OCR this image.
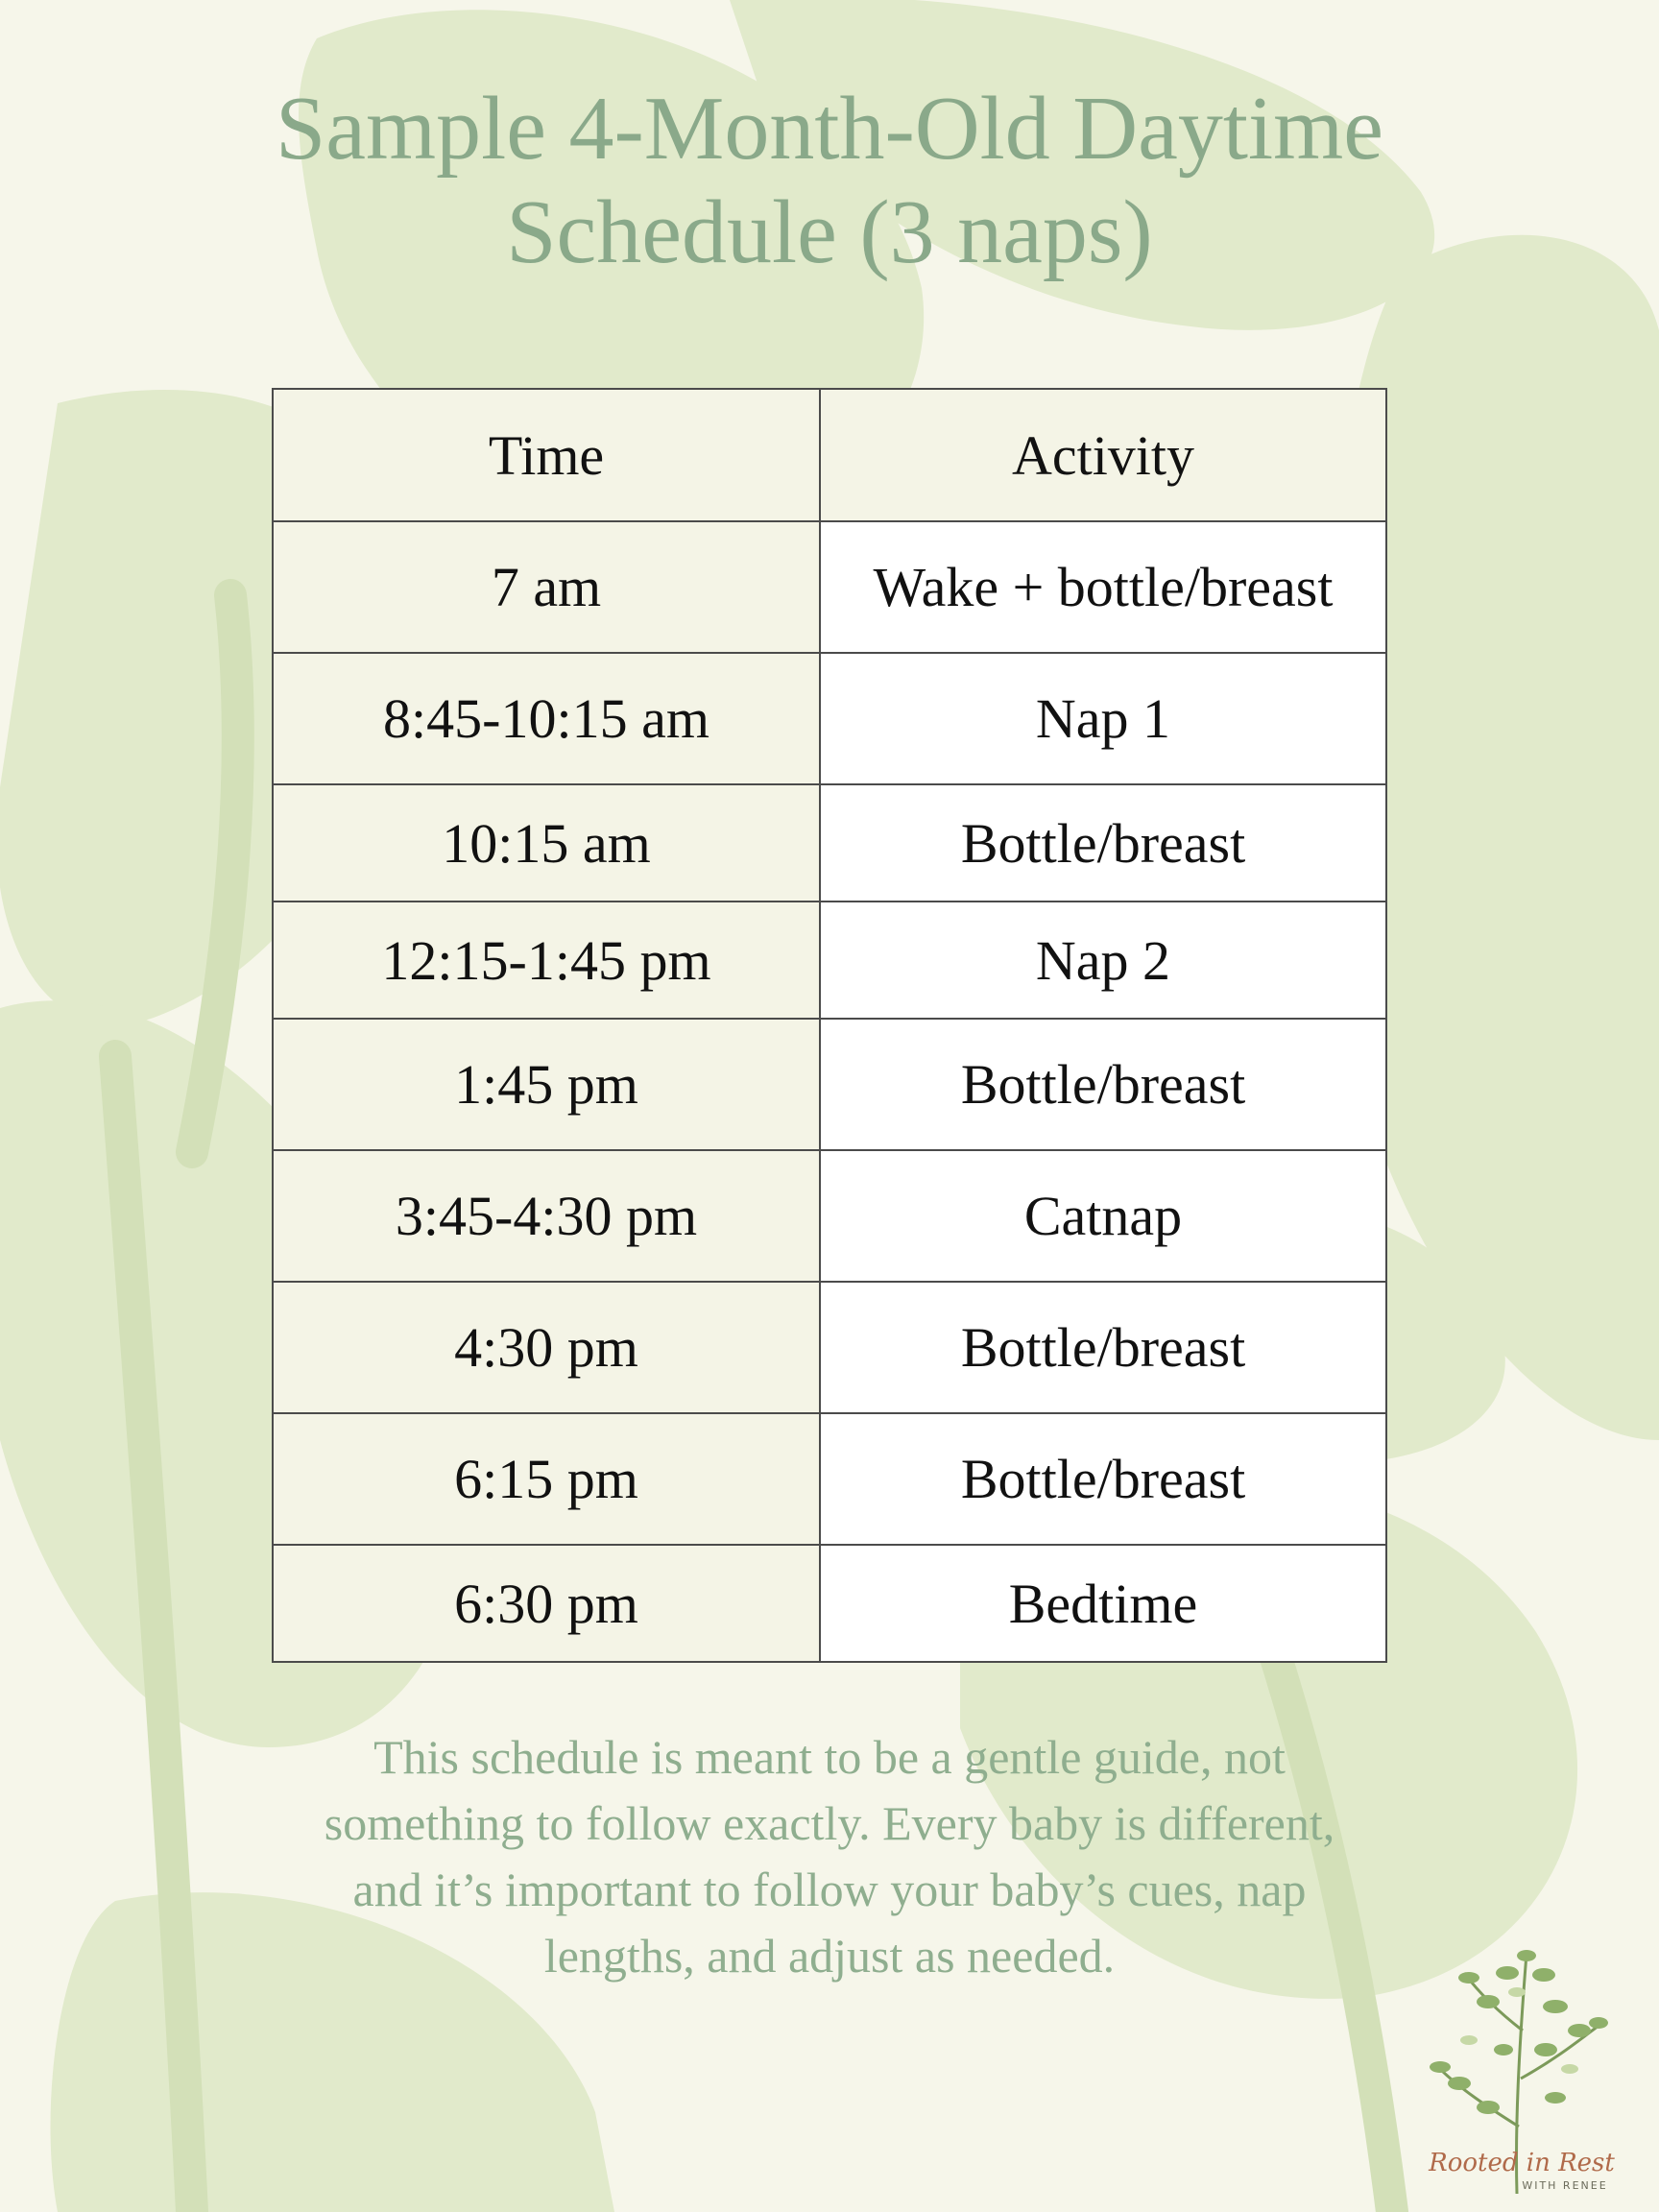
Sample 4-Month-Old Daytime
Schedule (3 naps)
Time	Activity
7 am	Wake + bottle/breast
8:45-10:15 am	Nap 1
10:15 am	Bottle/breast
12:15-1:45 pm	Nap 2
1:45 pm	Bottle/breast
3:45-4:30 pm	Catnap
4:30 pm	Bottle/breast
6:15 pm	Bottle/breast
6:30 pm	Bedtime

This schedule is meant to be a gentle guide, not
something to follow exactly. Every baby is different,
and it’s important to follow your baby’s cues, nap
lengths, and adjust as needed.

Rooted in Rest
WITH RENEE
